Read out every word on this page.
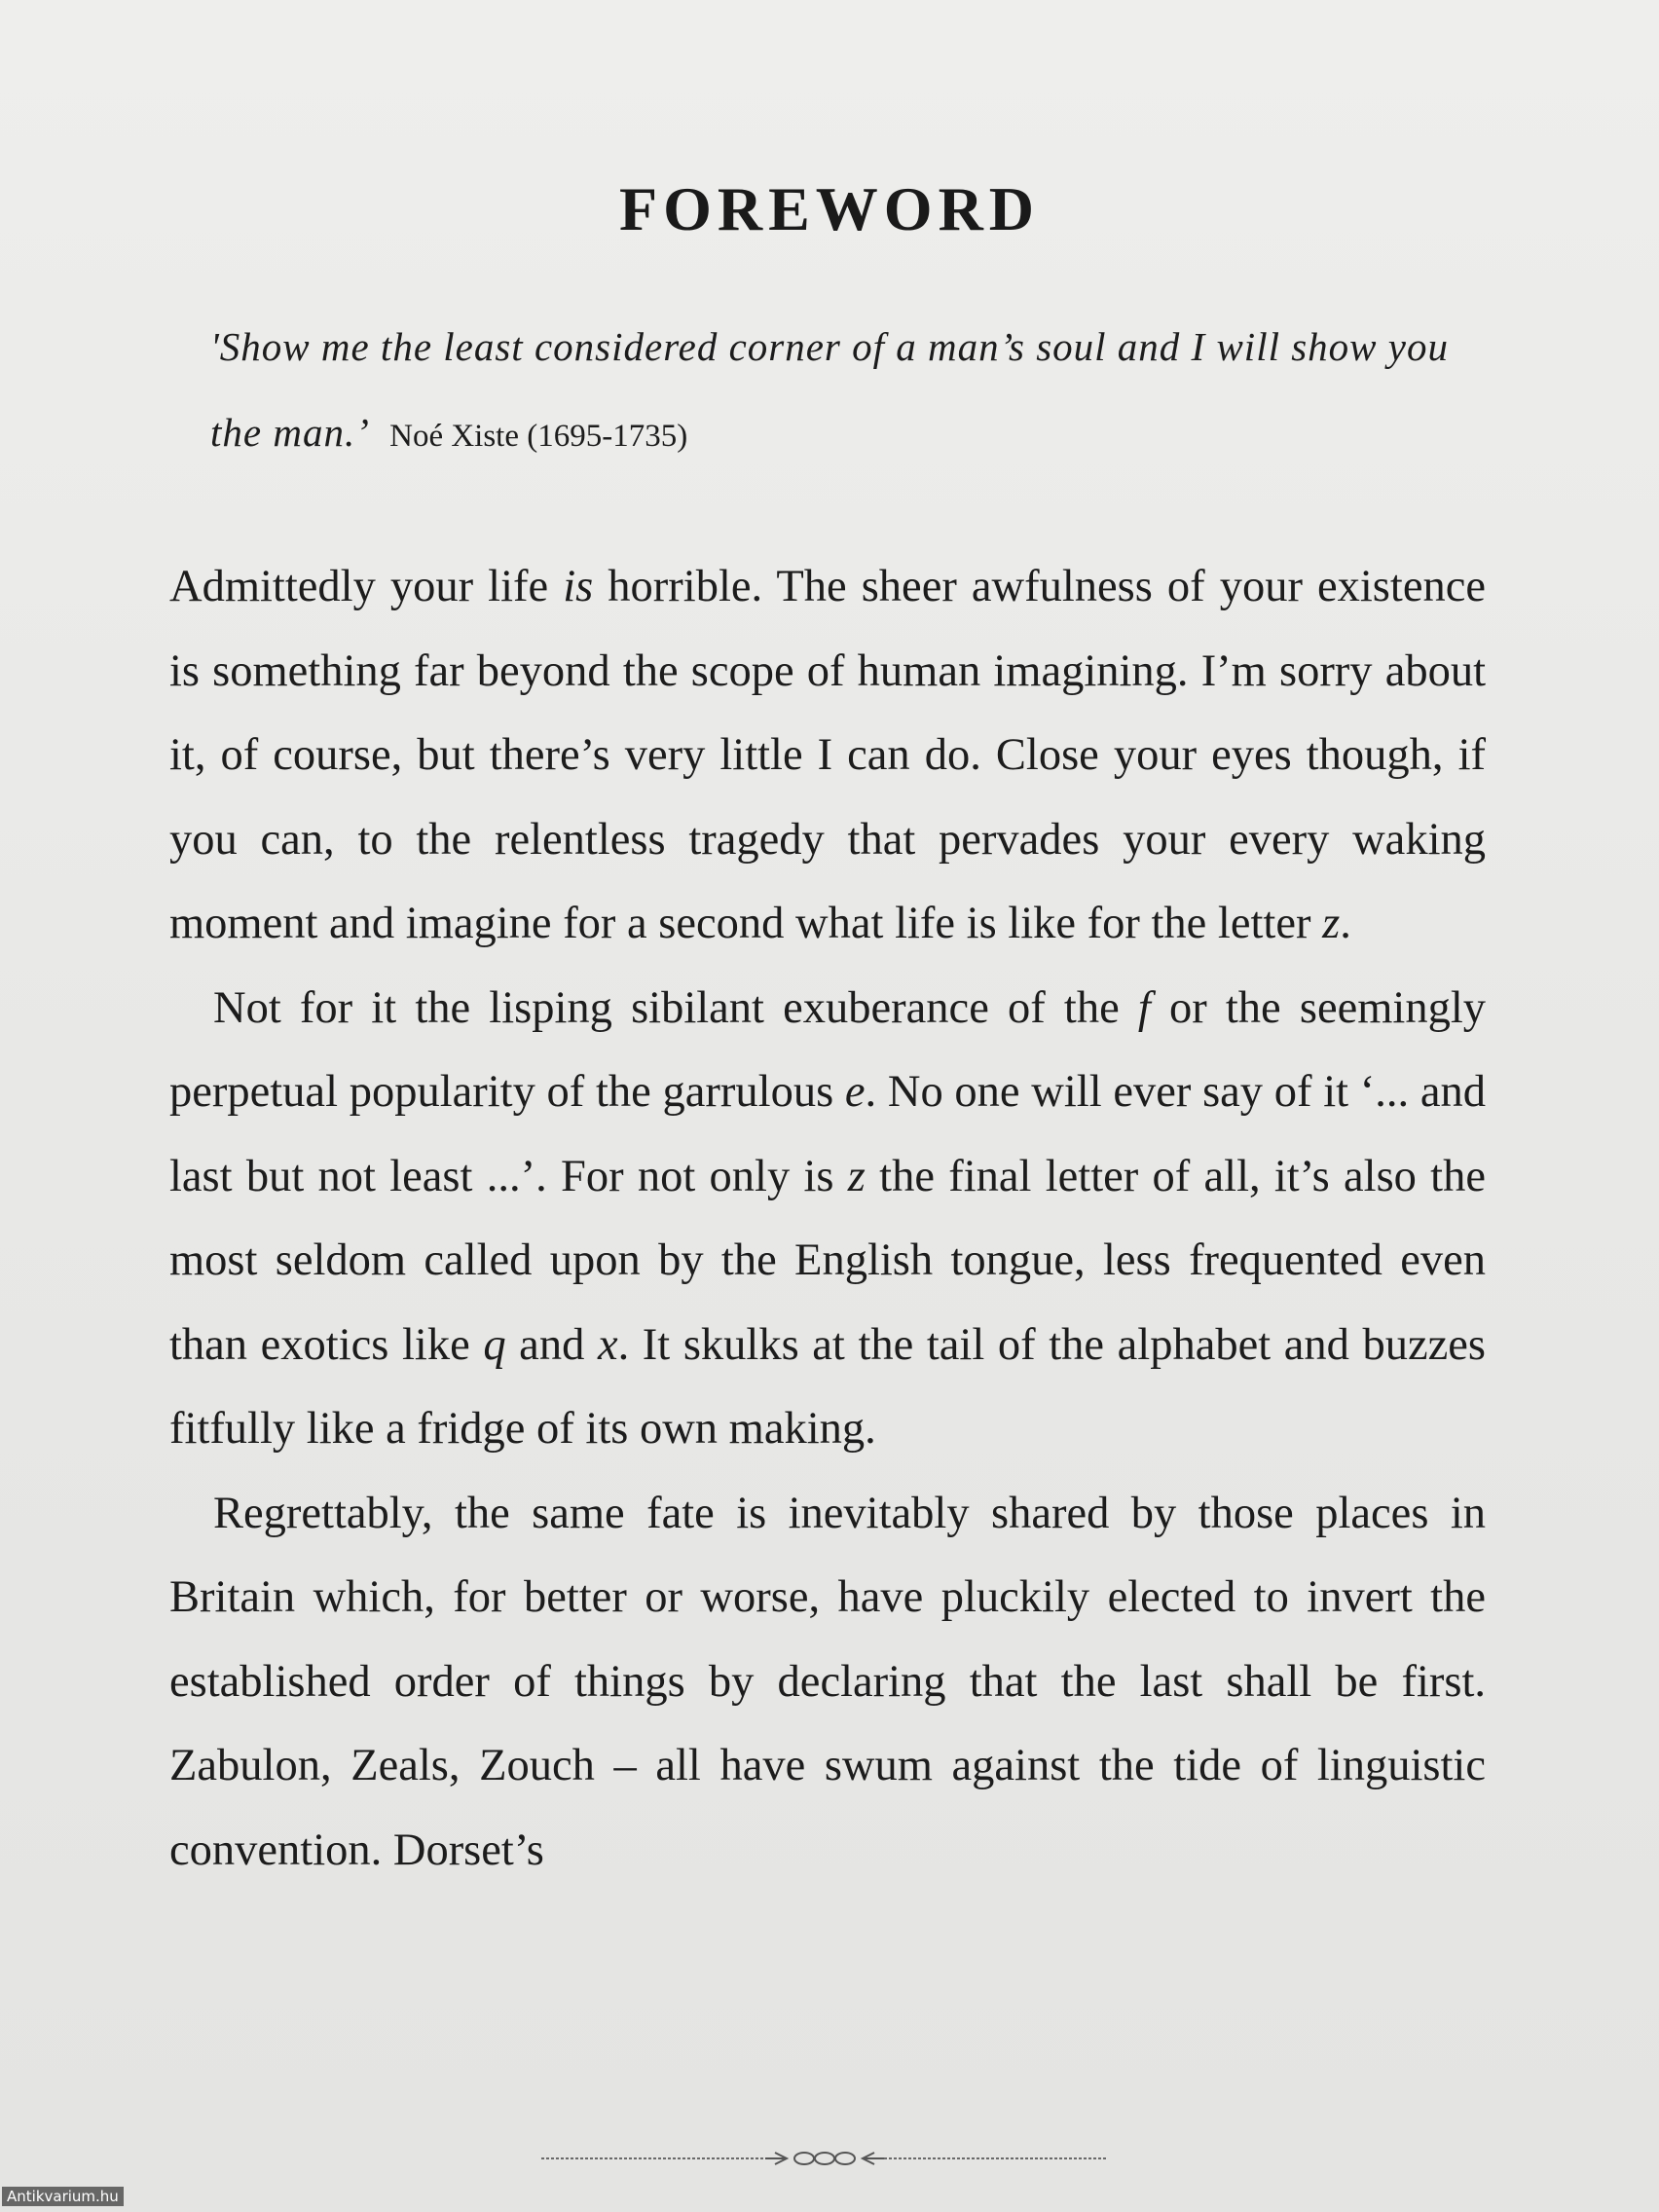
FOREWORD
'Show me the least considered corner of a man’s soul and I will show you the man.’ Noé Xiste (1695-1735)

Admittedly your life is horrible. The sheer awfulness of your existence is something far beyond the scope of human imagining. I’m sorry about it, of course, but there’s very little I can do. Close your eyes though, if you can, to the relentless tragedy that pervades your every waking moment and imagine for a second what life is like for the letter z.

Not for it the lisping sibilant exuberance of the f or the seemingly perpetual popularity of the garrulous e. No one will ever say of it ‘... and last but not least ...’. For not only is z the final letter of all, it’s also the most seldom called upon by the English tongue, less frequented even than exotics like q and x. It skulks at the tail of the alphabet and buzzes fitfully like a fridge of its own making.

Regrettably, the same fate is inevitably shared by those places in Britain which, for better or worse, have pluckily elected to invert the established order of things by declaring that the last shall be first. Zabulon, Zeals, Zouch – all have swum against the tide of linguistic convention. Dorset’s

Antikvarium.hu
